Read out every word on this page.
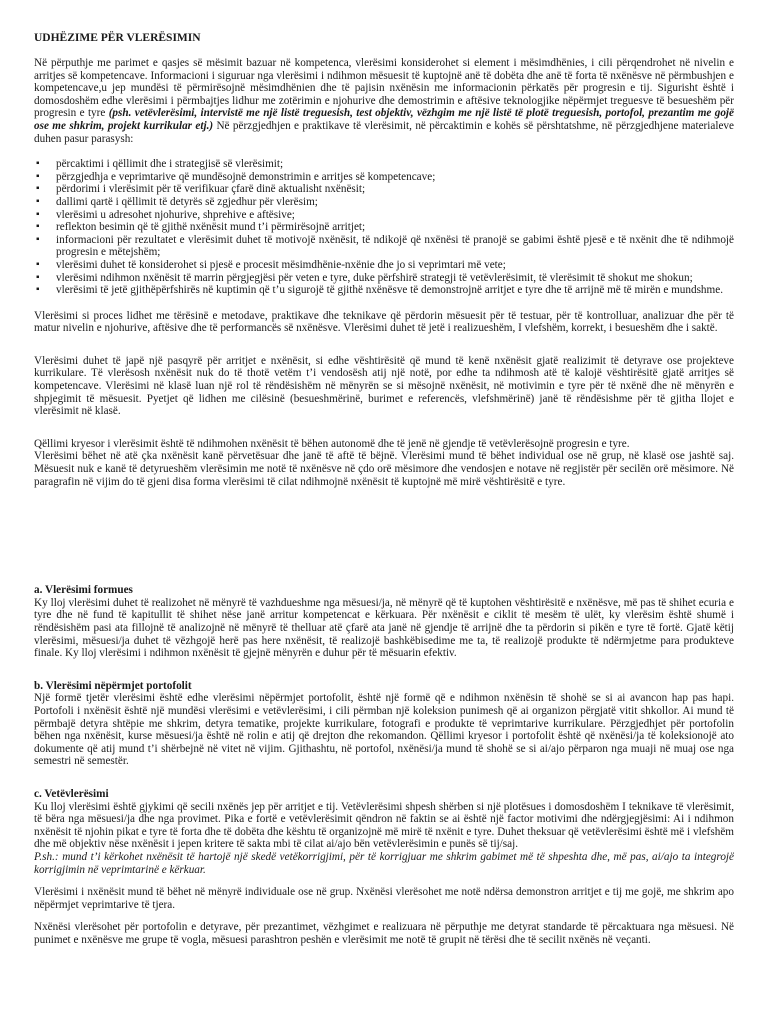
UDHËZIME PËR VLERËSIMIN

Në përputhje me parimet e qasjes së mësimit bazuar në kompetenca, vlerësimi konsiderohet si element i mësimdhënies, i cili përqendrohet në nivelin e arritjes së kompetencave. Informacioni i siguruar nga vlerësimi i ndihmon mësuesit të kuptojnë anë të dobëta dhe anë të forta të nxënësve në përmbushjen e kompetencave,u jep mundësi të përmirësojnë mësimdhënien dhe të pajisin nxënësin me informacionin përkatës për progresin e tij. Sigurisht është i domosdoshëm edhe vlerësimi i përmbajtjes lidhur me zotërimin e njohurive dhe demostrimin e aftësive teknologjike nëpërmjet treguesve të besueshëm për progresin e tyre (psh. vetëvlerësimi, intervistë me një listë treguesish, test objektiv, vëzhgim me një listë të plotë treguesish, portofol, prezantim me gojë ose me shkrim, projekt kurrikular etj.) Në përzgjedhjen e praktikave të vlerësimit, në përcaktimin e kohës së përshtatshme, në përzgjedhjene materialeve duhen pasur parasysh:

▪ përcaktimi i qëllimit dhe i strategjisë së vlerësimit;
▪ përzgjedhja e veprimtarive që mundësojnë demonstrimin e arritjes së kompetencave;
▪ përdorimi i vlerësimit për të verifikuar çfarë dinë aktualisht nxënësit;
▪ dallimi qartë i qëllimit të detyrës së zgjedhur për vlerësim;
▪ vlerësimi u adresohet njohurive, shprehive e aftësive;
▪ reflekton besimin që të gjithë nxënësit mund t’i përmirësojnë arritjet;
▪ informacioni për rezultatet e vlerësimit duhet të motivojë nxënësit, të ndikojë që nxënësi të pranojë se gabimi është pjesë e të nxënit dhe të ndihmojë progresin e mëtejshëm;
▪ vlerësimi duhet të konsiderohet si pjesë e procesit mësimdhënie-nxënie dhe jo si veprimtari më vete;
▪ vlerësimi ndihmon nxënësit të marrin përgjegjësi për veten e tyre, duke përfshirë strategji të vetëvlerësimit, të vlerësimit të shokut me shokun;
▪ vlerësimi të jetë gjithëpërfshirës në kuptimin që t’u sigurojë të gjithë nxënësve të demonstrojnë arritjet e tyre dhe të arrijnë më të mirën e mundshme.

Vlerësimi si proces lidhet me tërësinë e metodave, praktikave dhe teknikave që përdorin mësuesit për të testuar, për të kontrolluar, analizuar dhe për të matur nivelin e njohurive, aftësive dhe të performancës së nxënësve. Vlerësimi duhet të jetë i realizueshëm, I vlefshëm, korrekt, i besueshëm dhe i saktë.

Vlerësimi duhet të japë një pasqyrë për arritjet e nxënësit, si edhe vështirësitë që mund të kenë nxënësit gjatë realizimit të detyrave ose projekteve kurrikulare. Të vlerësosh nxënësit nuk do të thotë vetëm t’i vendosësh atij një notë, por edhe ta ndihmosh atë të kalojë vështirësitë gjatë arritjes së kompetencave. Vlerësimi në klasë luan një rol të rëndësishëm në mënyrën se si mësojnë nxënësit, në motivimin e tyre për të nxënë dhe në mënyrën e shpjegimit të mësuesit. Pyetjet që lidhen me cilësinë (besueshmërinë, burimet e referencës, vlefshmërinë) janë të rëndësishme për të gjitha llojet e vlerësimit në klasë.

Qëllimi kryesor i vlerësimit është të ndihmohen nxënësit të bëhen autonomë dhe të jenë në gjendje të vetëvlerësojnë progresin e tyre.

Vlerësimi bëhet në atë çka nxënësit kanë përvetësuar dhe janë të aftë të bëjnë. Vlerësimi mund të bëhet individual ose në grup, në klasë ose jashtë saj. Mësuesit nuk e kanë të detyrueshëm vlerësimin me notë të nxënësve në çdo orë mësimore dhe vendosjen e notave në regjistër për secilën orë mësimore. Në paragrafin në vijim do të gjeni disa forma vlerësimi të cilat ndihmojnë nxënësit të kuptojnë më mirë vështirësitë e tyre.

a. Vlerësimi formues

Ky lloj vlerësimi duhet të realizohet në mënyrë të vazhdueshme nga mësuesi/ja, në mënyrë që të kuptohen vështirësitë e nxënësve, më pas të shihet ecuria e tyre dhe në fund të kapitullit të shihet nëse janë arritur kompetencat e kërkuara. Për nxënësit e ciklit të mesëm të ulët, ky vlerësim është shumë i rëndësishëm pasi ata fillojnë të analizojnë në mënyrë të thelluar atë çfarë ata janë në gjendje të arrijnë dhe ta përdorin si pikën e tyre të fortë. Gjatë këtij vlerësimi, mësuesi/ja duhet të vëzhgojë herë pas here nxënësit, të realizojë bashkëbisedime me ta, të realizojë produkte të ndërmjetme para produkteve finale. Ky lloj vlerësimi i ndihmon nxënësit të gjejnë mënyrën e duhur për të mësuarin efektiv.

b. Vlerësimi nëpërmjet portofolit

Një formë tjetër vlerësimi është edhe vlerësimi nëpërmjet portofolit, është një formë që e ndihmon nxënësin të shohë se si ai avancon hap pas hapi. Portofoli i nxënësit është një mundësi vlerësimi e vetëvlerësimi, i cili përmban një koleksion punimesh që ai organizon përgjatë vitit shkollor. Ai mund të përmbajë detyra shtëpie me shkrim, detyra tematike, projekte kurrikulare, fotografi e produkte të veprimtarive kurrikulare. Përzgjedhjet për portofolin bëhen nga nxënësit, kurse mësuesi/ja është në rolin e atij që drejton dhe rekomandon. Qëllimi kryesor i portofolit është që nxënësi/ja të koleksionojë ato dokumente që atij mund t’i shërbejnë në vitet në vijim. Gjithashtu, në portofol, nxënësi/ja mund të shohë se si ai/ajo përparon nga muaji në muaj ose nga semestri në semestër.

c. Vetëvlerësimi

Ku lloj vlerësimi është gjykimi që secili nxënës jep për arritjet e tij. Vetëvlerësimi shpesh shërben si një plotësues i domosdoshëm I teknikave të vlerësimit, të bëra nga mësuesi/ja dhe nga provimet. Pika e fortë e vetëvlerësimit qëndron në faktin se ai është një factor motivimi dhe ndërgjegjësimi: Ai i ndihmon nxënësit të njohin pikat e tyre të forta dhe të dobëta dhe kështu të organizojnë më mirë të nxënit e tyre. Duhet theksuar që vetëvlerësimi është më i vlefshëm dhe më objektiv nëse nxënësit i jepen kritere të sakta mbi të cilat ai/ajo bën vetëvlerësimin e punës së tij/saj.

P.sh.: mund t’i kërkohet nxënësit të hartojë një skedë vetëkorrigjimi, për të korrigjuar me shkrim gabimet më të shpeshta dhe, më pas, ai/ajo ta integrojë korrigjimin në veprimtarinë e kërkuar.

Vlerësimi i nxënësit mund të bëhet në mënyrë individuale ose në grup. Nxënësi vlerësohet me notë ndërsa demonstron arritjet e tij me gojë, me shkrim apo nëpërmjet veprimtarive të tjera.

Nxënësi vlerësohet për portofolin e detyrave, për prezantimet, vëzhgimet e realizuara në përputhje me detyrat standarde të përcaktuara nga mësuesi. Në punimet e nxënësve me grupe të vogla, mësuesi parashtron peshën e vlerësimit me notë të grupit në tërësi dhe të secilit nxënës në veçanti.
